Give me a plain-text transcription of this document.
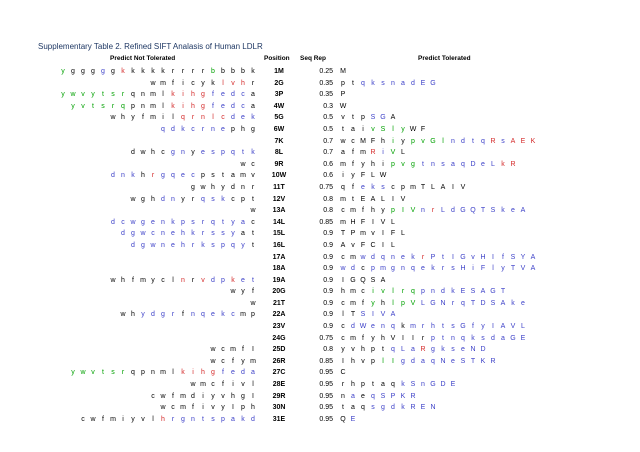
Supplementary Table 2. Refined SIFT Analasis of Human LDLR
Predict Not Tolerated	Position Seq Rep	Predict Tolerated
y g g g g g k k k k k r r r r b b b b k	1M	0.25 M
w m f i c y k l v h r	2G	0.35	p t q k s n a d E G
y w v y t s r q n m l k i h g f e d c a	3P	0.35	P
y v t s r q p n m l k i h g f e d c a	4W	0.3 W
w h y f m i l q r n l c d e k	5G	0.5	v t p S G A
q d k c r n e p h g	6W	0.5	t a i v S l y W F
7K	0.7	w c M F h i y p v G l n d t q R s A E K
d w h c g n y e s p q t k	8L	0.7	a f m R i V L
w c	9R	0.6 m f y h i p v g t n s a q D e L k R
d n k h r g q e c p s t a m v	10W	0.6	i y F L W
g w h y d n r	11T	0.75	q f e k s c p m T L A I V
w g h d n y r q s k c p t	12V	0.8 m t E A L I V
w	13A	0.8	c m f h y p I V n r L d G Q T S k e A
d c w g e n k p s r q t y a c	14L	0.85 m H F I V L
d g w c n e h k r s s y a t	15L	0.9	T P m v I F L
d g w n e h r k s p q y t	16L	0.9	A v F C I L
17A	0.9	c m w d q n e k r P t I G v H I f S Y A
18A	0.9	w d c p m g n q e k r s H i F l y T V A
w h f m y c l n r v d p k e t	19A	0.9	I G Q S A
w y f	20G	0.9	h m c i v l r q p n d k E S A G T
w	21T	0.9	c m f y h l p V L G N r q T D S A k e
w h y d g r f n q e k c m p	22A	0.9	l T S I V A
23V	0.9	c d W e n q k m r h t s G f y I A V L
24G	0.75	c m f y h V I I r p t n q k s d a G E
w c m f I	25D	0.8	y v h p t q L a R g k s e N D
w c f y m	26R	0.85	I h v p l I g d a q N e S T K R
y w v t s r q p n m l k i h g f e d a	27C	0.95	C
w m c f i v l	28E	0.95	r h p t a q k S n G D E
c w f m d i y v h g I	29R	0.95	n a e q S P K R
w c m f i v y I p h	30N	0.95	t a q s g d k R E N
c w f m i y v l h r g n t s p a k d	31E	0.95	Q E
